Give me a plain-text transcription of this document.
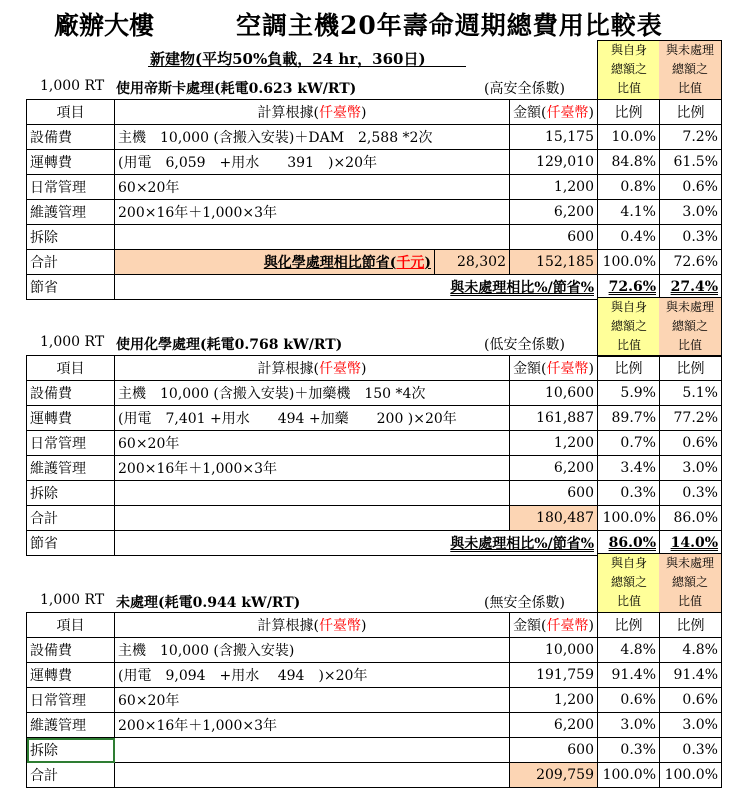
廠辦大樓	空調主機20年壽命週期總費用比較表
新建物(平均50%負載，24 hr，360日)	與自身
總額之
比值
與未處理
總額之
比值
1,000 RT 使用帝斯卡處理(耗電0.623 kW/RT)	(高安全係數)
項目	計算根據(仟臺幣)		金額(仟臺幣)	比例	比例
設備費	主機　10,000 (含搬入安裝)＋DAM　2,588 *2次		15,175	10.0%	7.2%
運轉費	(用電　6,059　+用水　　391　)×20年		129,010	84.8%	61.5%
日常管理	60×20年		1,200	0.8%	0.6%
維護管理	200×16年＋1,000×3年		6,200	4.1%	3.0%
拆除			600	0.4%	0.3%
合計	與化學處理相比節省(千元)	28,302	152,185	100.0%	72.6%
節省	與未處理相比%/節省%			72.6%	27.4%
與自身
總額之
比值
與未處理
總額之
比值
1,000 RT 使用化學處理(耗電0.768 kW/RT)	(低安全係數)
項目	計算根據(仟臺幣)	金額(仟臺幣)	比例	比例
設備費	主機　10,000 (含搬入安裝)＋加藥機　150 *4次	10,600	5.9%	5.1%
運轉費	(用電　7,401 +用水　　494 +加藥　　200 )×20年	161,887	89.7%	77.2%
日常管理	60×20年	1,200	0.7%	0.6%
維護管理	200×16年＋1,000×3年	6,200	3.4%	3.0%
拆除		600	0.3%	0.3%
合計		180,487	100.0%	86.0%
節省	與未處理相比%/節省%		86.0%	14.0%
與自身
總額之
比值
與未處理
總額之
比值
1,000 RT 未處理(耗電0.944 kW/RT)	(無安全係數)
項目	計算根據(仟臺幣)	金額(仟臺幣)	比例	比例
設備費	主機　10,000 (含搬入安裝)	10,000	4.8%	4.8%
運轉費	(用電　9,094　+用水　 494　)×20年	191,759	91.4%	91.4%
日常管理	60×20年	1,200	0.6%	0.6%
維護管理	200×16年＋1,000×3年	6,200	3.0%	3.0%
拆除		600	0.3%	0.3%
合計		209,759	100.0%	100.0%
